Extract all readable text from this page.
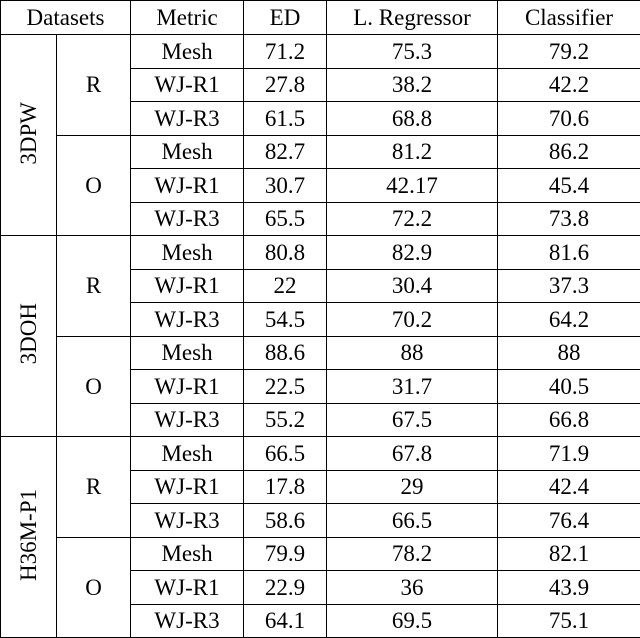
Datasets		Metric	ED	L. Regressor	Classifier
3DPW	R	Mesh	71.2	75.3	79.2
		WJ-R1	27.8	38.2	42.2
		WJ-R3	61.5	68.8	70.6
	O	Mesh	82.7	81.2	86.2
		WJ-R1	30.7	42.17	45.4
		WJ-R3	65.5	72.2	73.8
3DOH	R	Mesh	80.8	82.9	81.6
		WJ-R1	22	30.4	37.3
		WJ-R3	54.5	70.2	64.2
	O	Mesh	88.6	88	88
		WJ-R1	22.5	31.7	40.5
		WJ-R3	55.2	67.5	66.8
H36M-P1	R	Mesh	66.5	67.8	71.9
		WJ-R1	17.8	29	42.4
		WJ-R3	58.6	66.5	76.4
	O	Mesh	79.9	78.2	82.1
		WJ-R1	22.9	36	43.9
		WJ-R3	64.1	69.5	75.1
